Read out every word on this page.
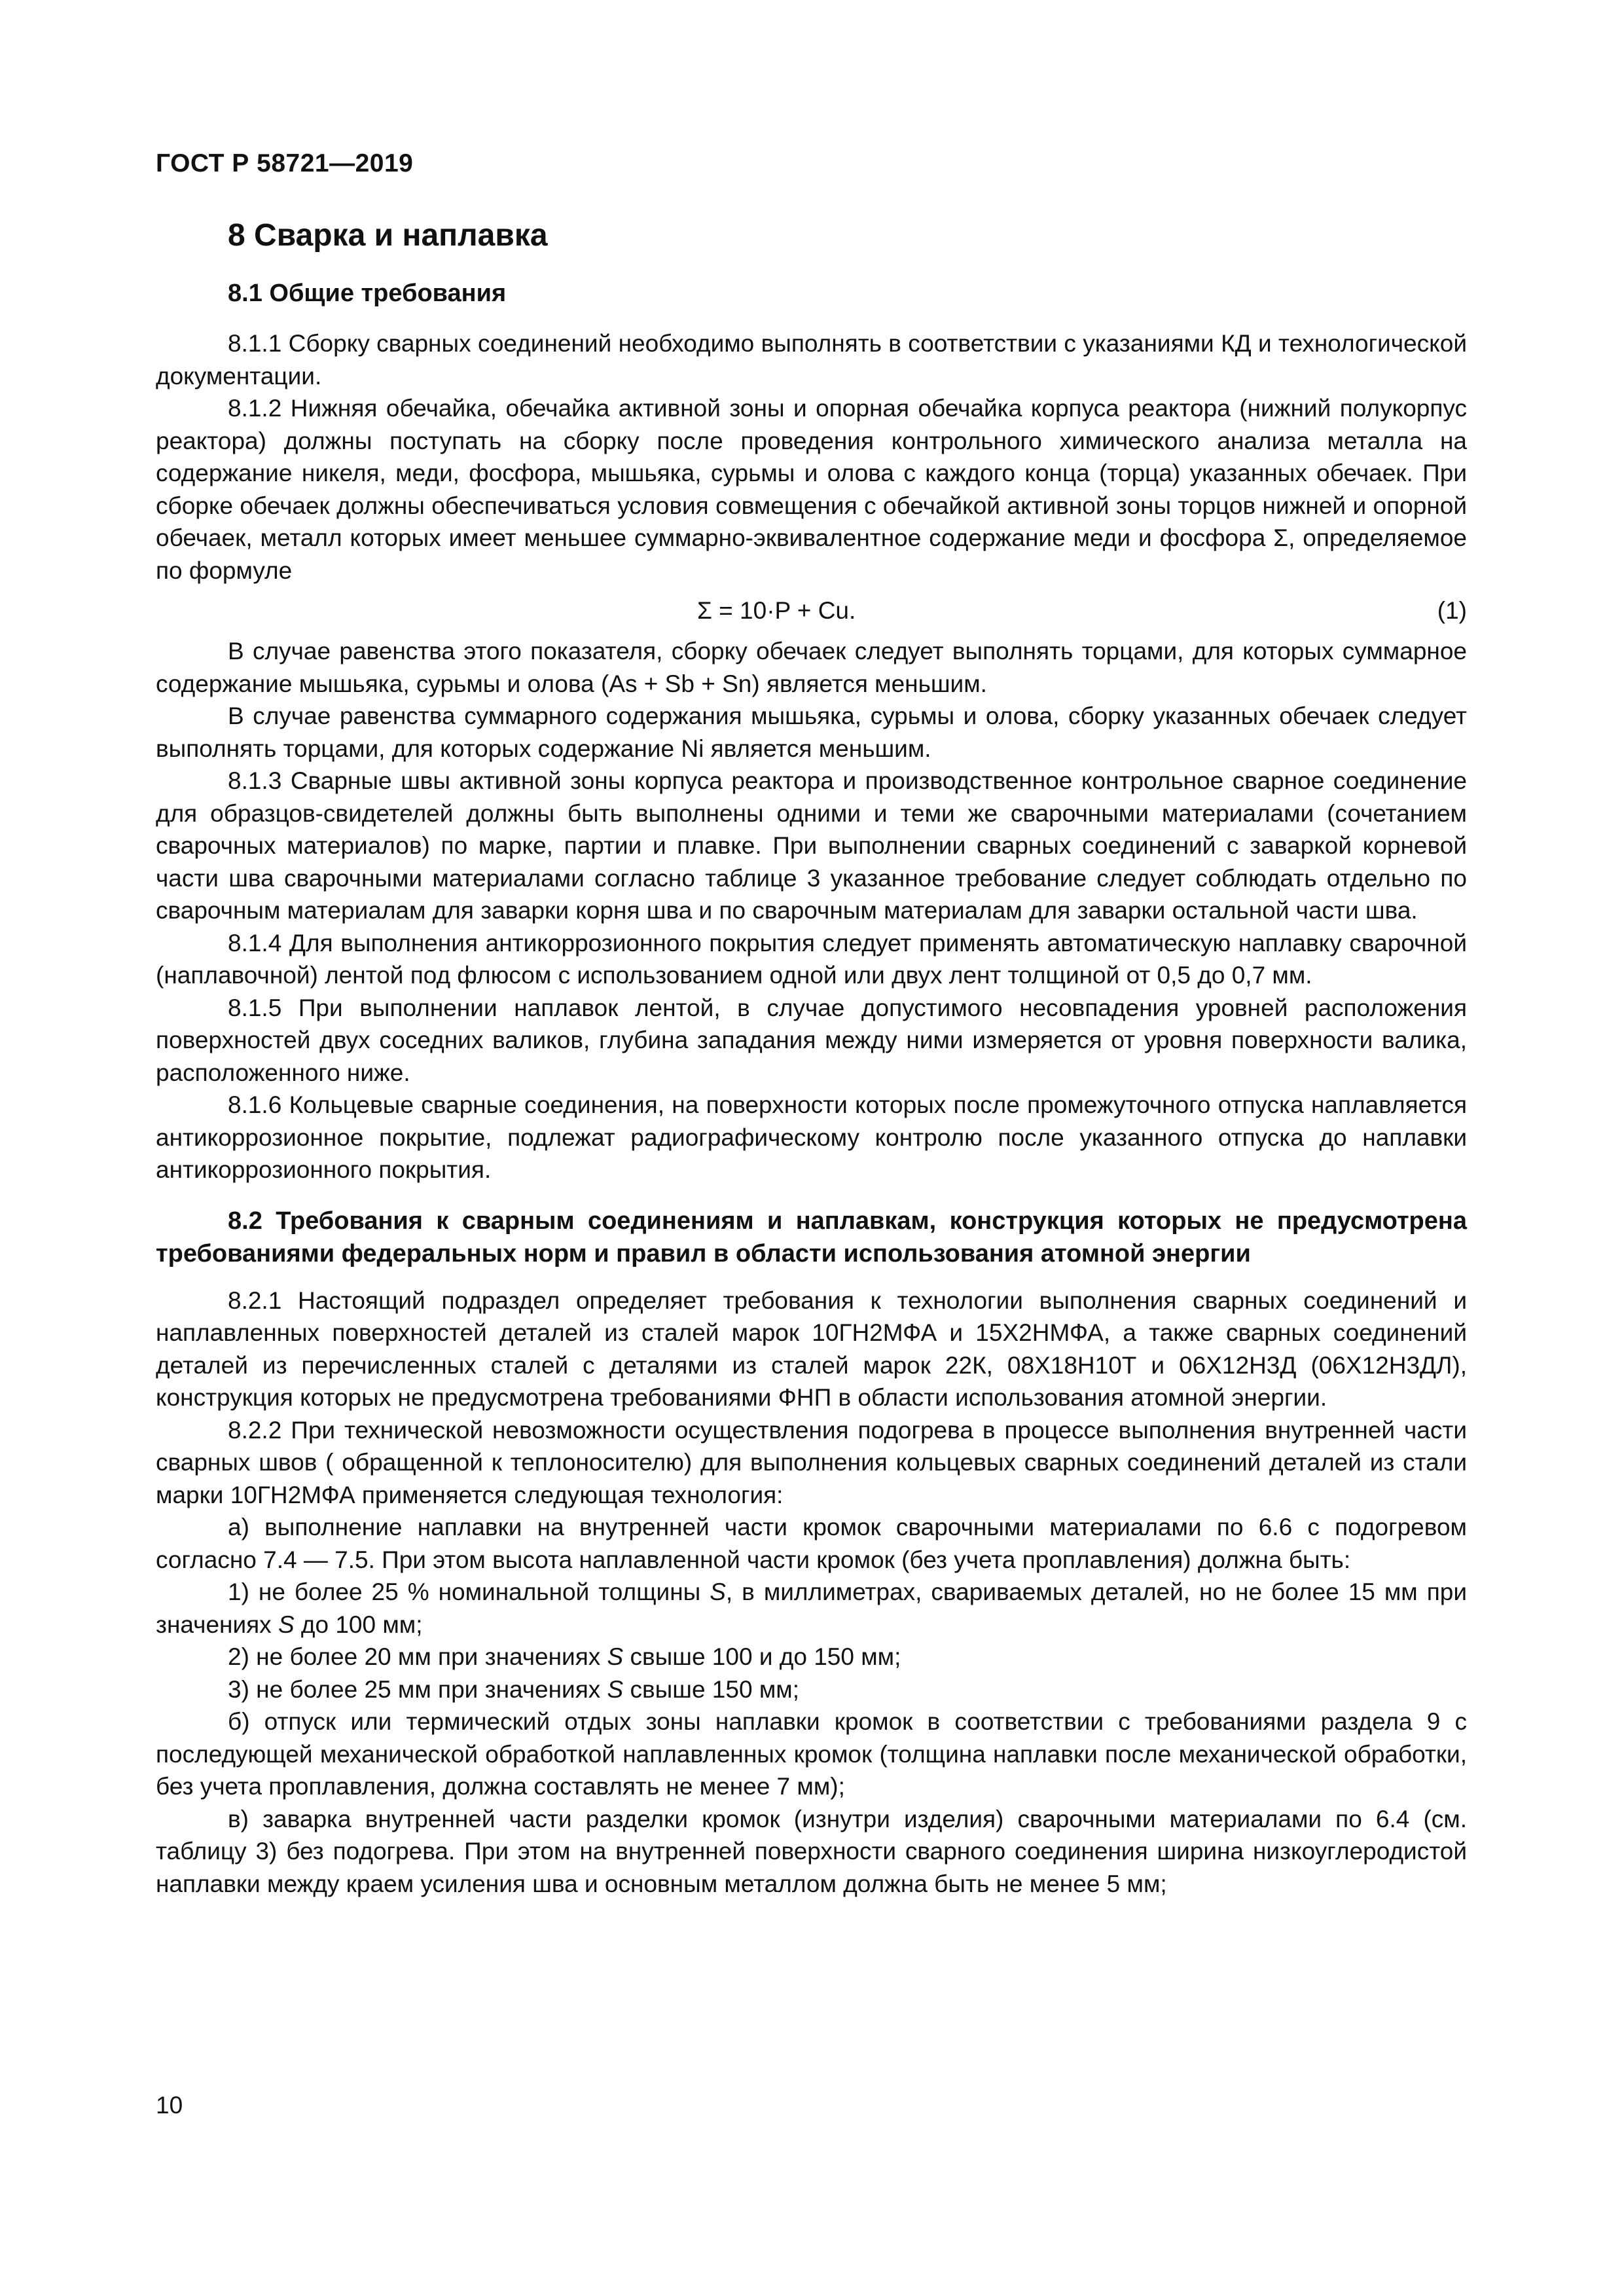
ГОСТ Р 58721—2019
8 Сварка и наплавка
8.1 Общие требования

8.1.1 Сборку сварных соединений необходимо выполнять в соответствии с указаниями КД и технологической документации.

8.1.2 Нижняя обечайка, обечайка активной зоны и опорная обечайка корпуса реактора (нижний полукорпус реактора) должны поступать на сборку после проведения контрольного химического анализа металла на содержание никеля, меди, фосфора, мышьяка, сурьмы и олова с каждого конца (торца) указанных обечаек. При сборке обечаек должны обеспечиваться условия совмещения с обечайкой активной зоны торцов нижней и опорной обечаек, металл которых имеет меньшее суммарно-эквивалентное содержание меди и фосфора Σ, определяемое по формуле

Σ = 10·P + Cu.	(1)

В случае равенства этого показателя, сборку обечаек следует выполнять торцами, для которых суммарное содержание мышьяка, сурьмы и олова (As + Sb + Sn) является меньшим.

В случае равенства суммарного содержания мышьяка, сурьмы и олова, сборку указанных обечаек следует выполнять торцами, для которых содержание Ni является меньшим.

8.1.3 Сварные швы активной зоны корпуса реактора и производственное контрольное сварное соединение для образцов-свидетелей должны быть выполнены одними и теми же сварочными материалами (сочетанием сварочных материалов) по марке, партии и плавке. При выполнении сварных соединений с заваркой корневой части шва сварочными материалами согласно таблице 3 указанное требование следует соблюдать отдельно по сварочным материалам для заварки корня шва и по сварочным материалам для заварки остальной части шва.

8.1.4 Для выполнения антикоррозионного покрытия следует применять автоматическую наплавку сварочной (наплавочной) лентой под флюсом с использованием одной или двух лент толщиной от 0,5 до 0,7 мм.

8.1.5 При выполнении наплавок лентой, в случае допустимого несовпадения уровней расположения поверхностей двух соседних валиков, глубина западания между ними измеряется от уровня поверхности валика, расположенного ниже.

8.1.6 Кольцевые сварные соединения, на поверхности которых после промежуточного отпуска наплавляется антикоррозионное покрытие, подлежат радиографическому контролю после указанного отпуска до наплавки антикоррозионного покрытия.

8.2 Требования к сварным соединениям и наплавкам, конструкция которых не предусмотрена требованиями федеральных норм и правил в области использования атомной энергии

8.2.1 Настоящий подраздел определяет требования к технологии выполнения сварных соединений и наплавленных поверхностей деталей из сталей марок 10ГН2МФА и 15Х2НМФА, а также сварных соединений деталей из перечисленных сталей с деталями из сталей марок 22К, 08Х18Н10Т и 06Х12Н3Д (06Х12Н3ДЛ), конструкция которых не предусмотрена требованиями ФНП в области использования атомной энергии.

8.2.2 При технической невозможности осуществления подогрева в процессе выполнения внутренней части сварных швов ( обращенной к теплоносителю) для выполнения кольцевых сварных соединений деталей из стали марки 10ГН2МФА применяется следующая технология:

а) выполнение наплавки на внутренней части кромок сварочными материалами по 6.6 с подогревом согласно 7.4 — 7.5. При этом высота наплавленной части кромок (без учета проплавления) должна быть:

1) не более 25 % номинальной толщины S, в миллиметрах, свариваемых деталей, но не более 15 мм при значениях S до 100 мм;

2) не более 20 мм при значениях S свыше 100 и до 150 мм;

3) не более 25 мм при значениях S свыше 150 мм;

б) отпуск или термический отдых зоны наплавки кромок в соответствии с требованиями раздела 9 с последующей механической обработкой наплавленных кромок (толщина наплавки после механической обработки, без учета проплавления, должна составлять не менее 7 мм);

в) заварка внутренней части разделки кромок (изнутри изделия) сварочными материалами по 6.4 (см. таблицу 3) без подогрева. При этом на внутренней поверхности сварного соединения ширина низкоуглеродистой наплавки между краем усиления шва и основным металлом должна быть не менее 5 мм;

10
